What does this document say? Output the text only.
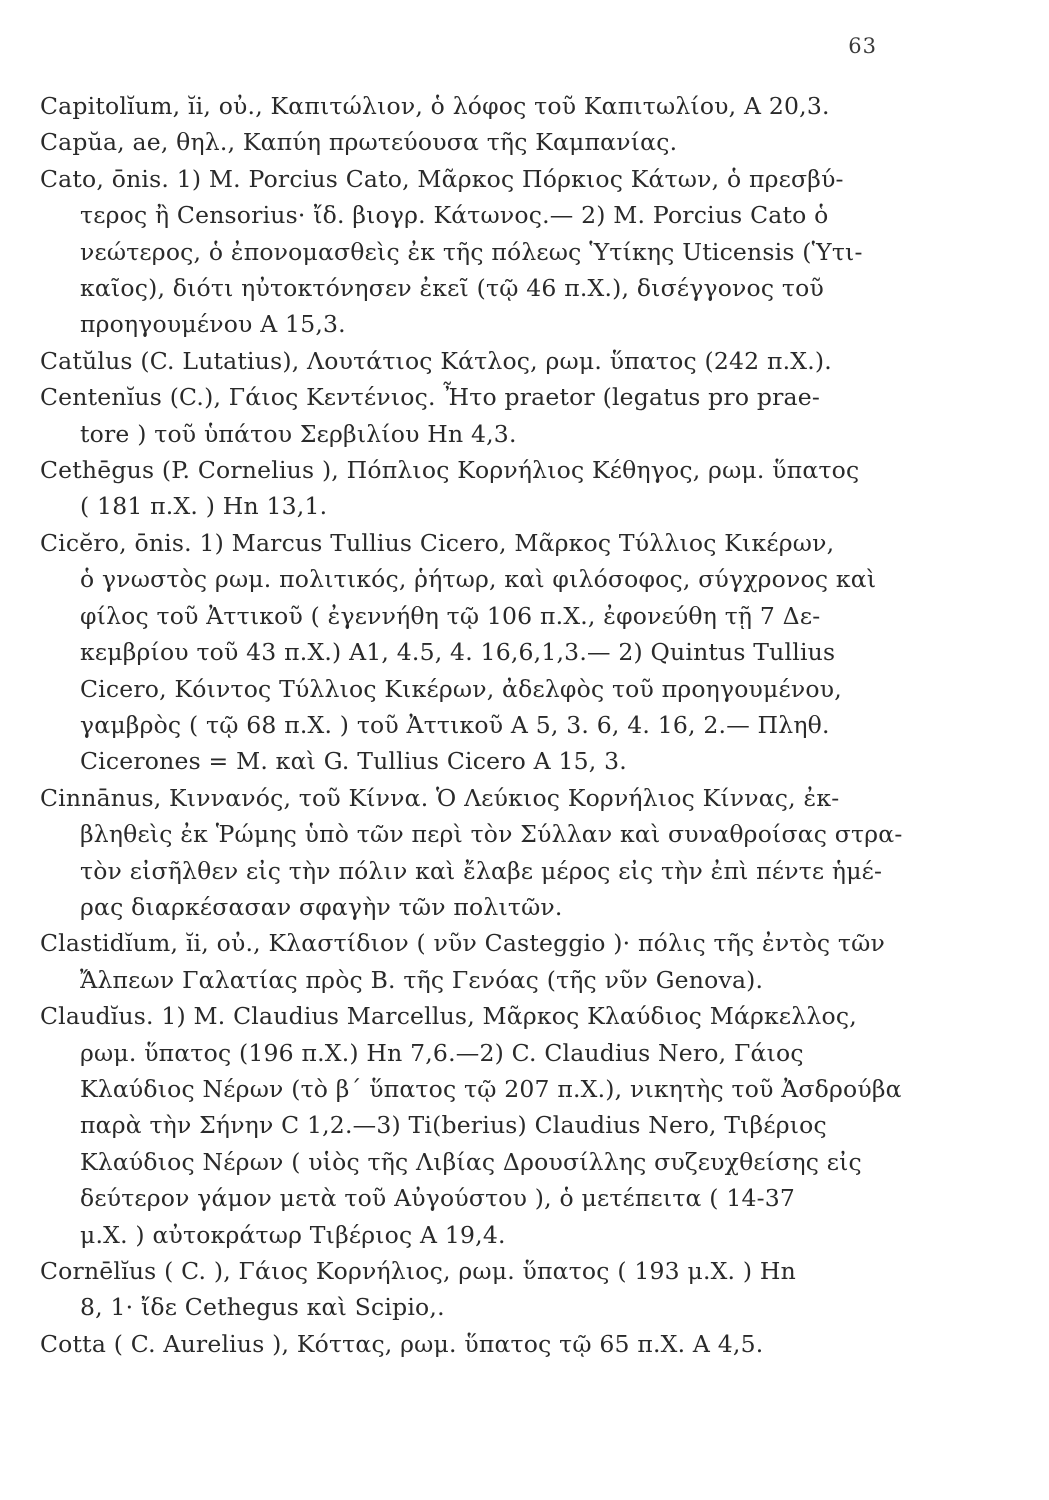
63
Capitolĭum, ĭi, οὐ., Καπιτώλιον, ὁ λόφος τοῦ Καπιτωλίου, Α 20,3.
Capŭa, ae, θηλ., Καπύη πρωτεύουσα τῆς Καμπανίας.
Cato, ōnis. 1) M. Porcius Cato, Μᾶρκος Πόρκιος Κάτων, ὁ πρεσβύ-
τερος ἢ Censorius· ἴδ. βιογρ. Κάτωνος.— 2) M. Porcius Cato ὁ
νεώτερος, ὁ ἐπονομασθεὶς ἐκ τῆς πόλεως Ὑτίκης Uticensis (Ὑτι-
καῖος), διότι ηὐτοκτόνησεν ἐκεῖ (τῷ 46 π.Χ.), δισέγγονος τοῦ
προηγουμένου Α 15,3.
Catŭlus (C. Lutatius), Λουτάτιος Κάτλος, ρωμ. ὕπατος (242 π.Χ.).
Centenĭus (C.), Γάιος Κεντένιος. Ἦτο praetor (legatus pro prae-
tore ) τοῦ ὑπάτου Σερβιλίου Hn 4,3.
Cethēgus (P. Cornelius ), Πόπλιος Κορνήλιος Κέθηγος, ρωμ. ὕπατος
( 181 π.Χ. ) Hn 13,1.
Cicĕro, ōnis. 1) Marcus Tullius Cicero, Μᾶρκος Τύλλιος Κικέρων,
ὁ γνωστὸς ρωμ. πολιτικός, ῥήτωρ, καὶ φιλόσοφος, σύγχρονος καὶ
φίλος τοῦ Ἀττικοῦ ( ἐγεννήθη τῷ 106 π.Χ., ἐφονεύθη τῇ 7 Δε-
κεμβρίου τοῦ 43 π.Χ.) Α1, 4.5, 4. 16,6,1,3.— 2) Quintus Tullius
Cicero, Κόιντος Τύλλιος Κικέρων, ἀδελφὸς τοῦ προηγουμένου,
γαμβρὸς ( τῷ 68 π.Χ. ) τοῦ Ἀττικοῦ Α 5, 3. 6, 4. 16, 2.— Πληθ.
Cicerones = M. καὶ G. Tullius Cicero Α 15, 3.
Cinnānus, Κιννανός, τοῦ Κίννα. Ὁ Λεύκιος Κορνήλιος Κίννας, ἐκ-
βληθεὶς ἐκ Ῥώμης ὑπὸ τῶν περὶ τὸν Σύλλαν καὶ συναθροίσας στρα-
τὸν εἰσῆλθεν εἰς τὴν πόλιν καὶ ἔλαβε μέρος εἰς τὴν ἐπὶ πέντε ἡμέ-
ρας διαρκέσασαν σφαγὴν τῶν πολιτῶν.
Clastidĭum, ĭi, οὐ., Κλαστίδιον ( νῦν Casteggio )· πόλις τῆς ἐντὸς τῶν
Ἄλπεων Γαλατίας πρὸς Β. τῆς Γενόας (τῆς νῦν Genova).
Claudĭus. 1) M. Claudius Marcellus, Μᾶρκος Κλαύδιος Μάρκελλος,
ρωμ. ὕπατος (196 π.Χ.) Hn 7,6.—2) C. Claudius Nero, Γάιος
Κλαύδιος Νέρων (τὸ β΄ ὕπατος τῷ 207 π.Χ.), νικητὴς τοῦ Ἀσδρούβα
παρὰ τὴν Σήνην C 1,2.—3) Ti(berius) Claudius Nero, Τιβέριος
Κλαύδιος Νέρων ( υἱὸς τῆς Λιβίας Δρουσίλλης συζευχθείσης εἰς
δεύτερον γάμον μετὰ τοῦ Αὐγούστου ), ὁ μετέπειτα ( 14-37
μ.Χ. ) αὐτοκράτωρ Τιβέριος Α 19,4.
Cornēlĭus ( C. ), Γάιος Κορνήλιος, ρωμ. ὕπατος ( 193 μ.Χ. ) Hn
8, 1· ἴδε Cethegus καὶ Scipio,.
Cotta ( C. Aurelius ), Κόττας, ρωμ. ὕπατος τῷ 65 π.Χ. Α 4,5.
